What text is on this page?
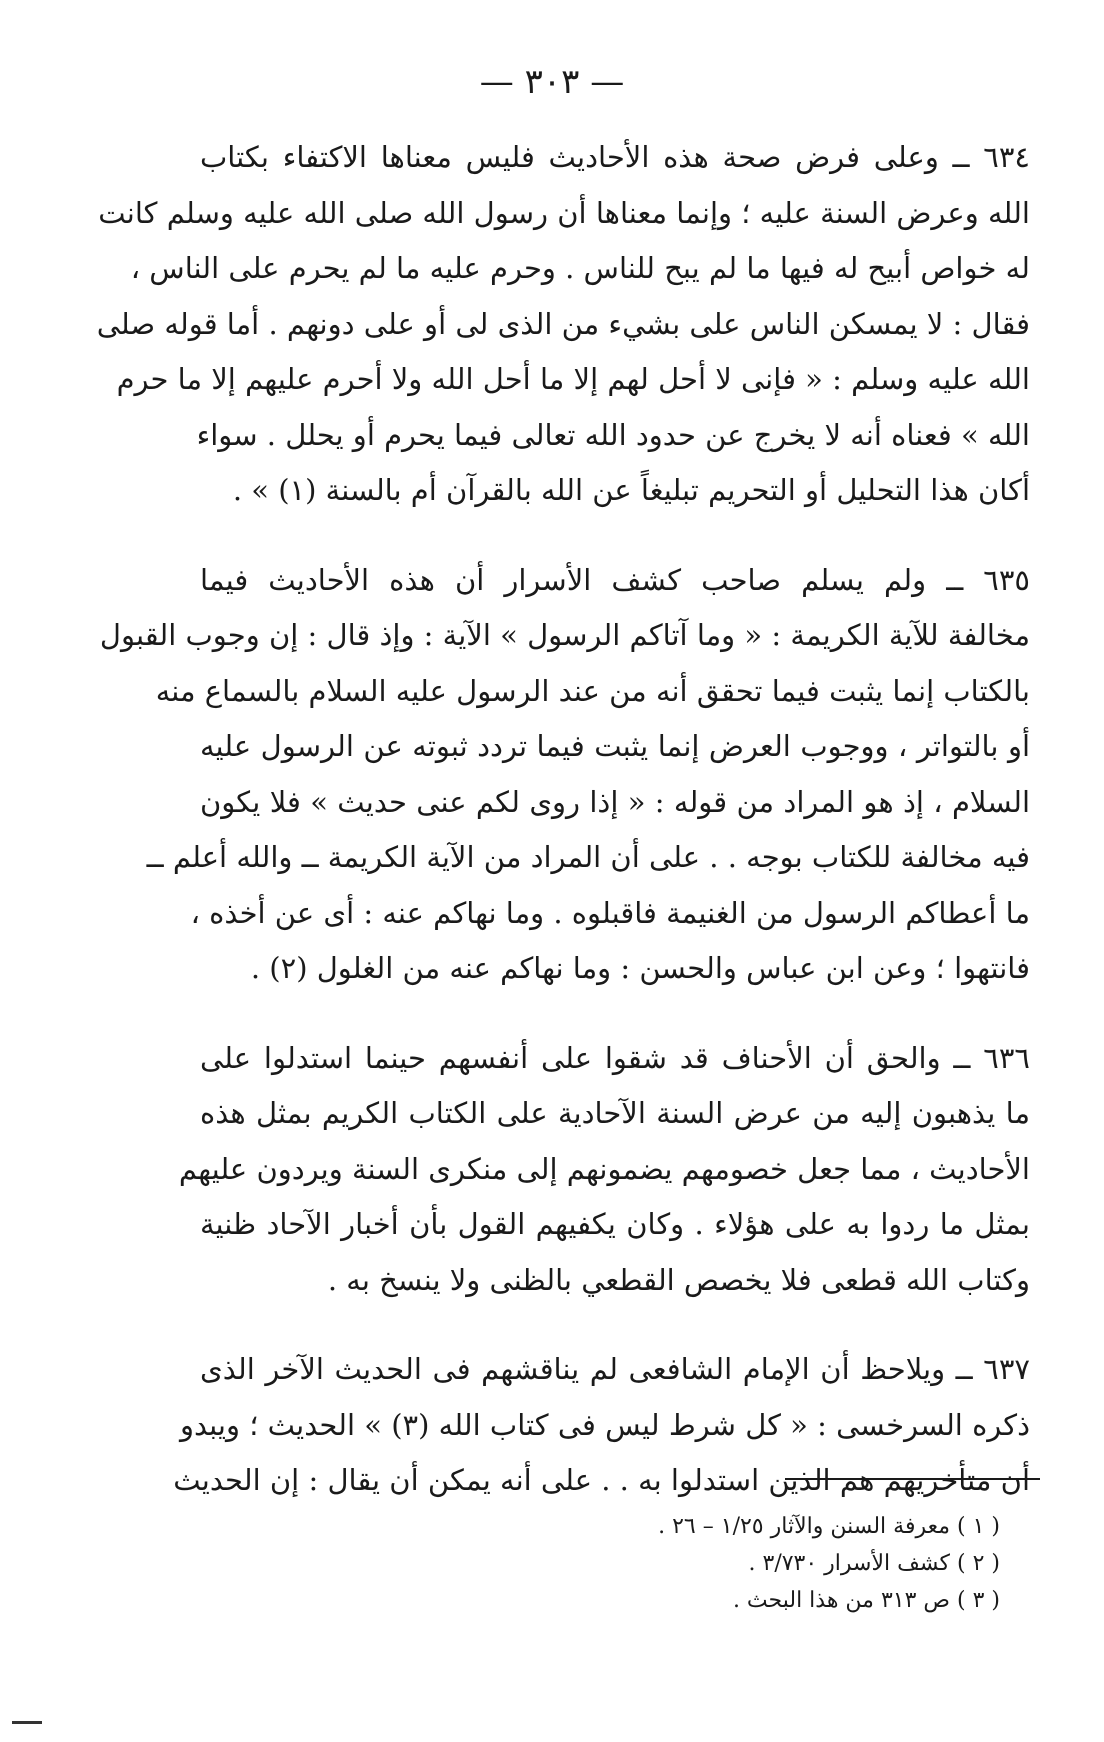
— ٣٠٣ —
٦٣٤ ــ وعلى فرض صحة هذه الأحاديث فليس معناها الاكتفاء بكتاب
الله وعرض السنة عليه ؛ وإنما معناها أن رسول الله صلى الله عليه وسلم كانت
له خواص أبيح له فيها ما لم يبح للناس . وحرم عليه ما لم يحرم على الناس ،
فقال : لا يمسكن الناس على بشيء من الذى لى أو على دونهم . أما قوله صلى
الله عليه وسلم : « فإنى لا أحل لهم إلا ما أحل الله ولا أحرم عليهم إلا ما حرم
الله » فعناه أنه لا يخرج عن حدود الله تعالى فيما يحرم أو يحلل . سواء
أكان هذا التحليل أو التحريم تبليغاً عن الله بالقرآن أم بالسنة (١) » .
٦٣٥ ــ ولم يسلم صاحب كشف الأسرار أن هذه الأحاديث فيما
مخالفة للآية الكريمة : « وما آتاكم الرسول » الآية : وإذ قال : إن وجوب القبول
بالكتاب إنما يثبت فيما تحقق أنه من عند الرسول عليه السلام بالسماع منه
أو بالتواتر ، ووجوب العرض إنما يثبت فيما تردد ثبوته عن الرسول عليه
السلام ، إذ هو المراد من قوله : « إذا روى لكم عنى حديث » فلا يكون
فيه مخالفة للكتاب بوجه . . على أن المراد من الآية الكريمة ــ والله أعلم ــ
ما أعطاكم الرسول من الغنيمة فاقبلوه . وما نهاكم عنه : أى عن أخذه ،
فانتهوا ؛ وعن ابن عباس والحسن : وما نهاكم عنه من الغلول (٢) .
٦٣٦ ــ والحق أن الأحناف قد شقوا على أنفسهم حينما استدلوا على
ما يذهبون إليه من عرض السنة الآحادية على الكتاب الكريم بمثل هذه
الأحاديث ، مما جعل خصومهم يضمونهم إلى منكرى السنة ويردون عليهم
بمثل ما ردوا به على هؤلاء . وكان يكفيهم القول بأن أخبار الآحاد ظنية
وكتاب الله قطعى فلا يخصص القطعي بالظنى ولا ينسخ به .
٦٣٧ ــ ويلاحظ أن الإمام الشافعى لم يناقشهم فى الحديث الآخر الذى
ذكره السرخسى : « كل شرط ليس فى كتاب الله (٣) » الحديث ؛ ويبدو
أن متأخريهم هم الذين استدلوا به . . على أنه يمكن أن يقال : إن الحديث
( ١ ) معرفة السنن والآثار ١/٢٥ – ٢٦ .
( ٢ ) كشف الأسرار ٣/٧٣٠ .
( ٣ ) ص ٣١٣ من هذا البحث .
